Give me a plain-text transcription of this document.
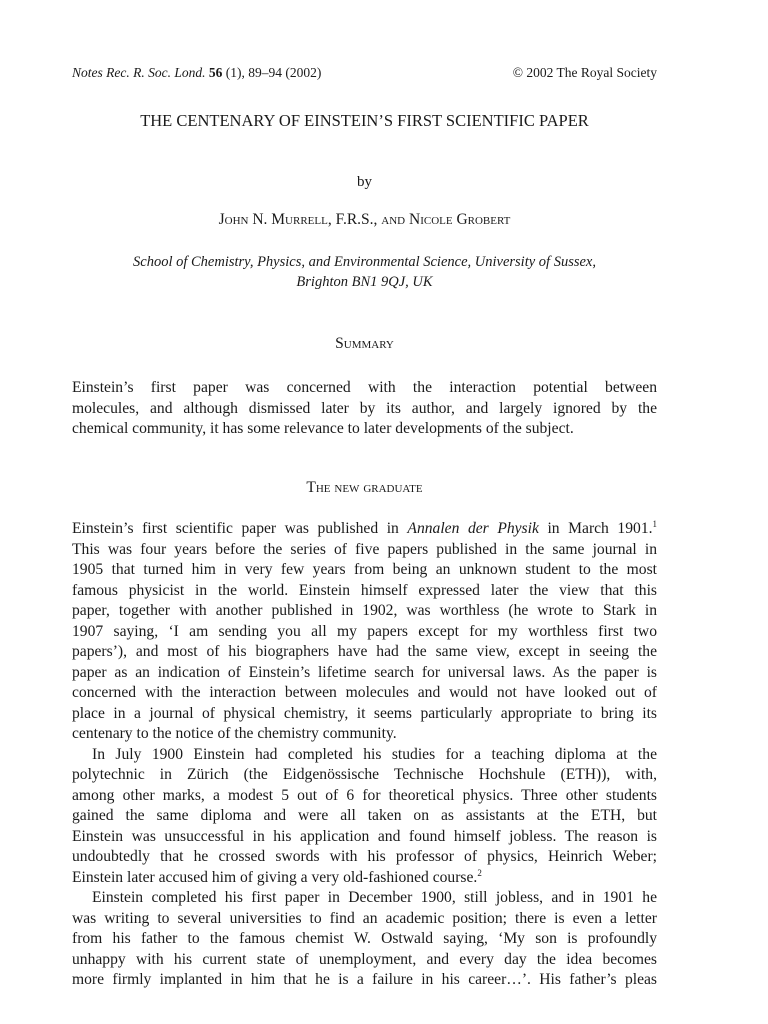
Notes Rec. R. Soc. Lond. 56 (1), 89–94 (2002)	© 2002 The Royal Society
THE CENTENARY OF EINSTEIN’S FIRST SCIENTIFIC PAPER
by
John N. Murrell, F.R.S., and Nicole Grobert
School of Chemistry, Physics, and Environmental Science, University of Sussex,
Brighton BN1 9QJ, UK
Summary
Einstein’s first paper was concerned with the interaction potential between
molecules, and although dismissed later by its author, and largely ignored by the
chemical community, it has some relevance to later developments of the subject.
The new graduate
Einstein’s first scientific paper was published in Annalen der Physik in March 1901.$^1$
This was four years before the series of five papers published in the same journal in
1905 that turned him in very few years from being an unknown student to the most
famous physicist in the world. Einstein himself expressed later the view that this
paper, together with another published in 1902, was worthless (he wrote to Stark in
1907 saying, ‘I am sending you all my papers except for my worthless first two
papers’), and most of his biographers have had the same view, except in seeing the
paper as an indication of Einstein’s lifetime search for universal laws. As the paper is
concerned with the interaction between molecules and would not have looked out of
place in a journal of physical chemistry, it seems particularly appropriate to bring its
centenary to the notice of the chemistry community.
In July 1900 Einstein had completed his studies for a teaching diploma at the
polytechnic in Zürich (the Eidgenössische Technische Hochshule (ETH)), with,
among other marks, a modest 5 out of 6 for theoretical physics. Three other students
gained the same diploma and were all taken on as assistants at the ETH, but
Einstein was unsuccessful in his application and found himself jobless. The reason is
undoubtedly that he crossed swords with his professor of physics, Heinrich Weber;
Einstein later accused him of giving a very old-fashioned course.$^2$
Einstein completed his first paper in December 1900, still jobless, and in 1901 he
was writing to several universities to find an academic position; there is even a letter
from his father to the famous chemist W. Ostwald saying, ‘My son is profoundly
unhappy with his current state of unemployment, and every day the idea becomes
more firmly implanted in him that he is a failure in his career…’. His father’s pleas
